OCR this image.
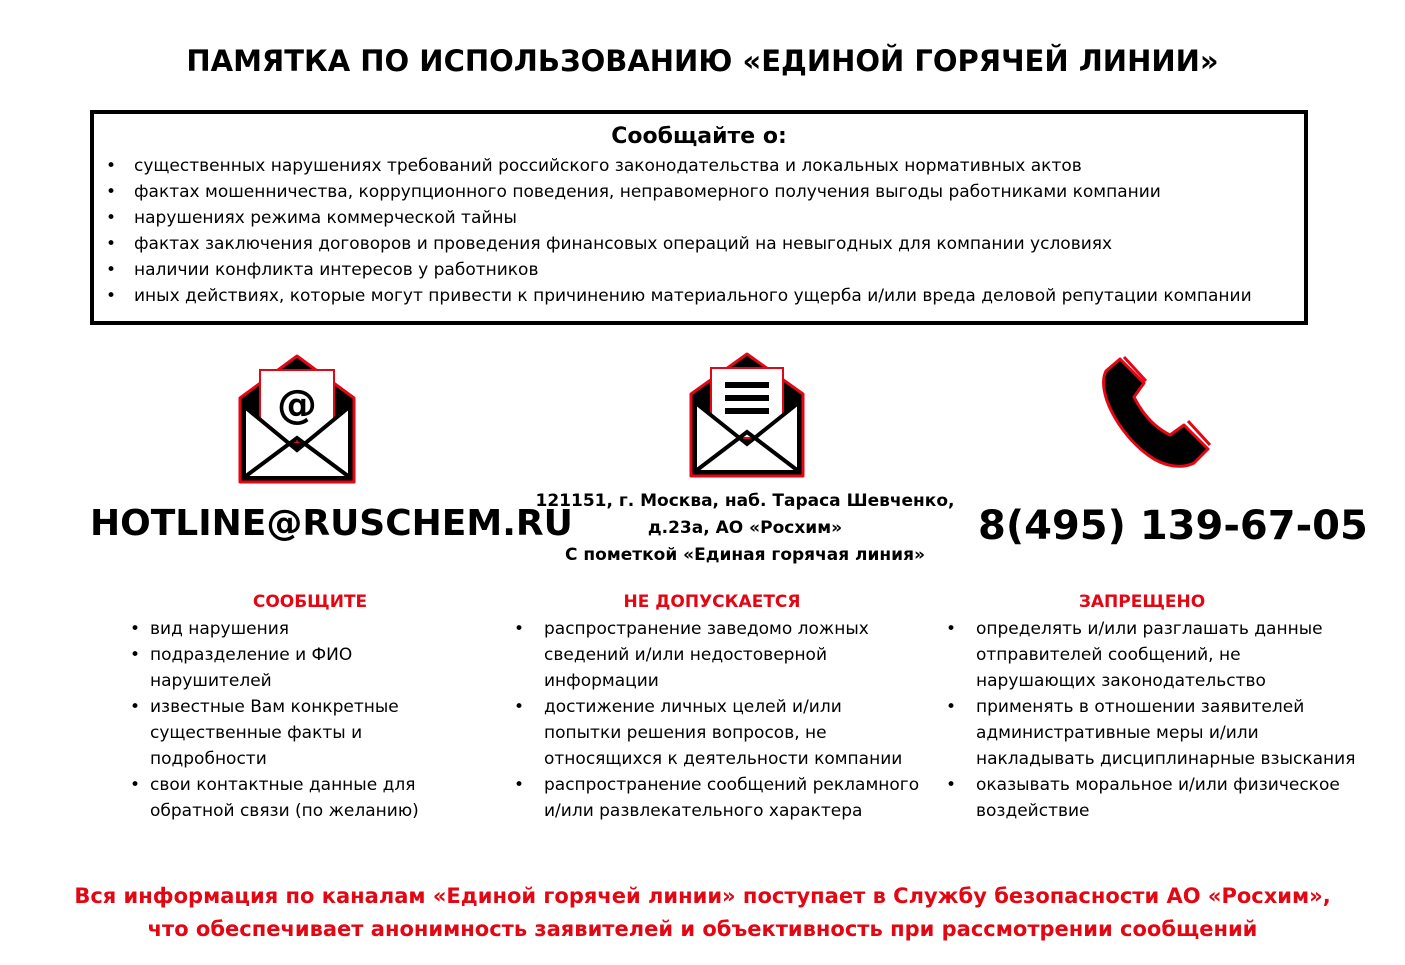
ПАМЯТКА ПО ИСПОЛЬЗОВАНИЮ «ЕДИНОЙ ГОРЯЧЕЙ ЛИНИИ»
Сообщайте о:
• существенных нарушениях требований российского законодательства и локальных нормативных актов
• фактах мошенничества, коррупционного поведения, неправомерного получения выгоды работниками компании
• нарушениях режима коммерческой тайны
• фактах заключения договоров и проведения финансовых операций на невыгодных для компании условиях
• наличии конфликта интересов у работников
• иных действиях, которые могут привести к причинению материального ущерба и/или вреда деловой репутации компании
@
HOTLINE@RUSCHEM.RU
121151, г. Москва, наб. Тараса Шевченко,
д.23а, АО «Росхим»
С пометкой «Единая горячая линия»
8(495) 139-67-05
СООБЩИТЕ	НЕ ДОПУСКАЕТСЯ	ЗАПРЕЩЕНО
• вид нарушения
• подразделение и ФИО нарушителей
• известные Вам конкретные существенные факты и подробности
• свои контактные данные для обратной связи (по желанию)
• распространение заведомо ложных сведений и/или недостоверной информации
• достижение личных целей и/или попытки решения вопросов, не относящихся к деятельности компании
• распространение сообщений рекламного и/или развлекательного характера
• определять и/или разглашать данные отправителей сообщений, не нарушающих законодательство
• применять в отношении заявителей административные меры и/или накладывать дисциплинарные взыскания
• оказывать моральное и/или физическое воздействие
Вся информация по каналам «Единой горячей линии» поступает в Службу безопасности АО «Росхим»,
что обеспечивает анонимность заявителей и объективность при рассмотрении сообщений
